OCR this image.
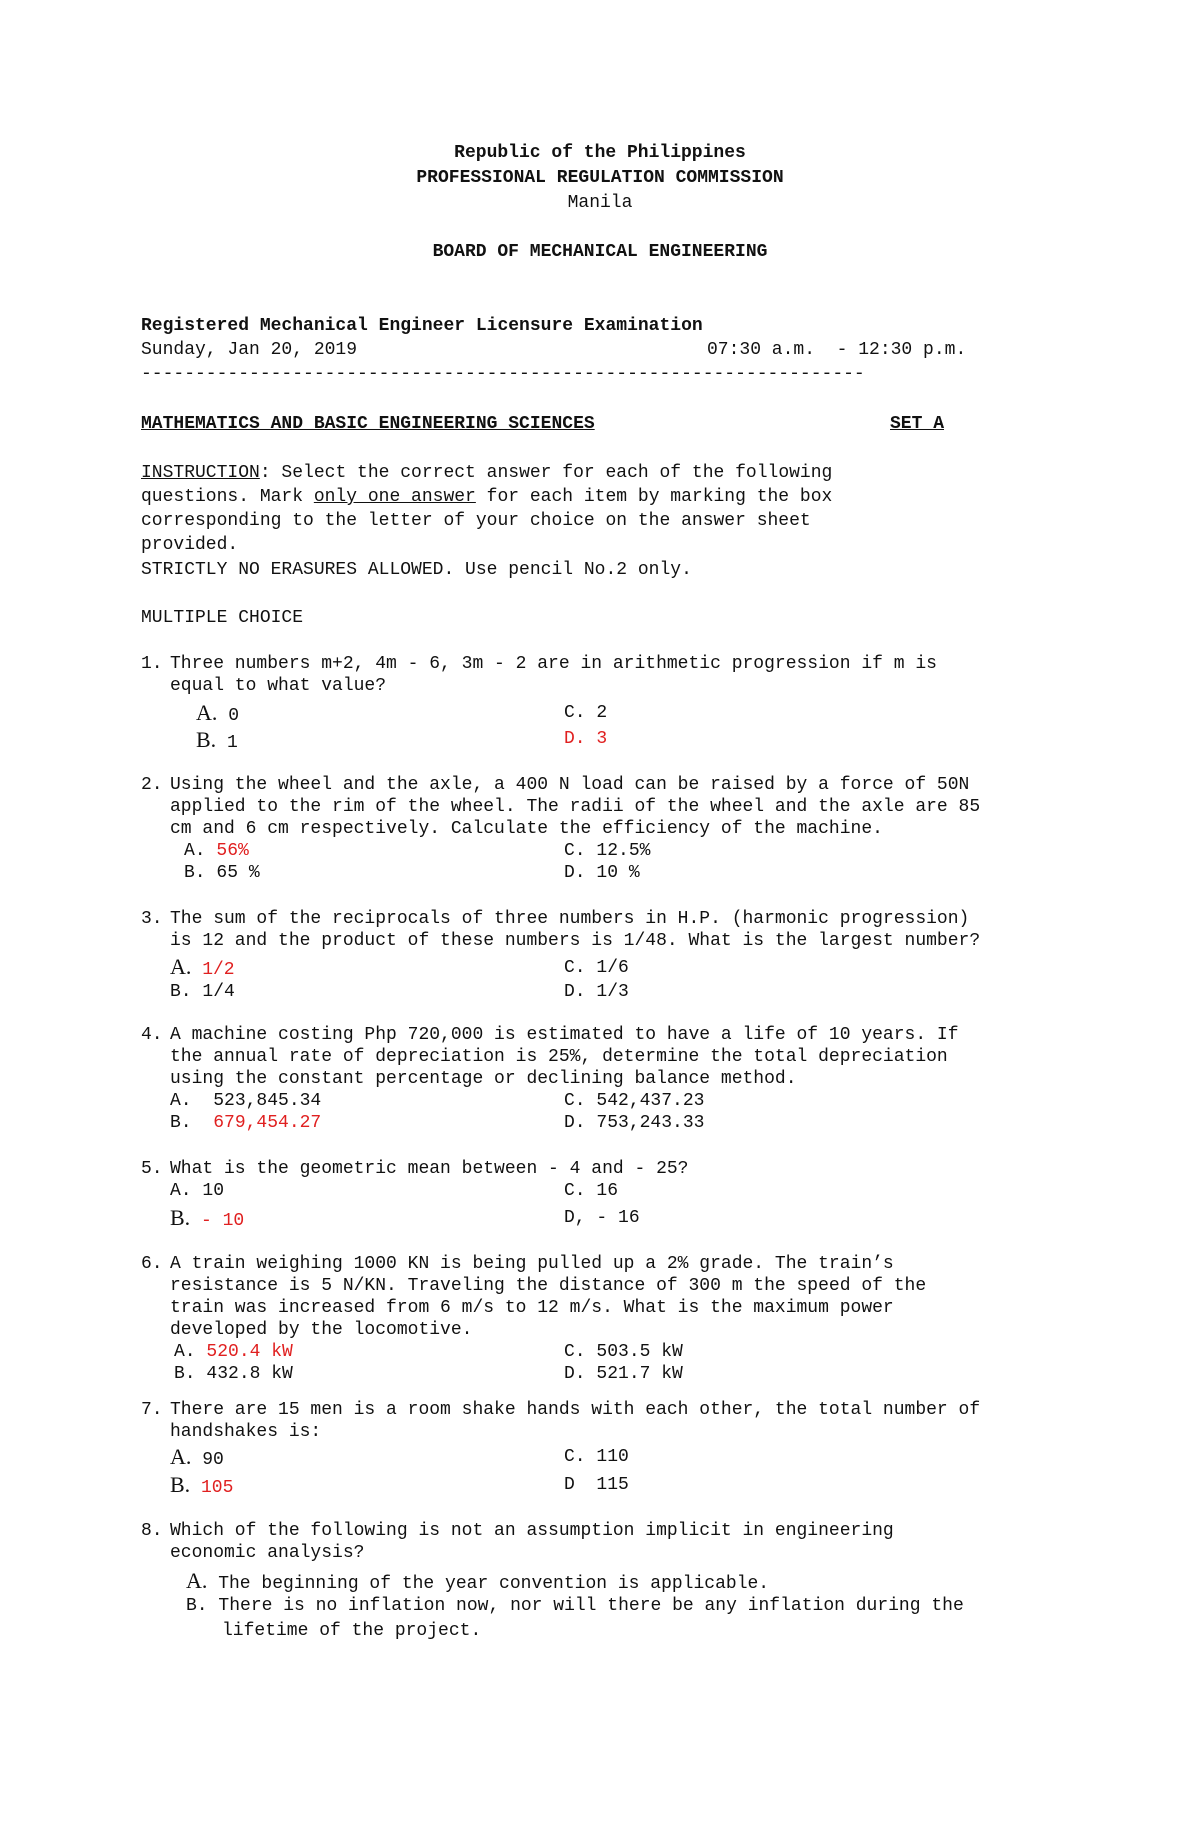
Republic of the Philippines
PROFESSIONAL REGULATION COMMISSION
Manila
BOARD OF MECHANICAL ENGINEERING
Registered Mechanical Engineer Licensure Examination
Sunday, Jan 20, 2019	07:30 a.m.  - 12:30 p.m.
-------------------------------------------------------------------
MATHEMATICS AND BASIC ENGINEERING SCIENCES	SET A
INSTRUCTION: Select the correct answer for each of the following
questions. Mark only one answer for each item by marking the box
corresponding to the letter of your choice on the answer sheet
provided.
STRICTLY NO ERASURES ALLOWED. Use pencil No.2 only.
MULTIPLE CHOICE
1. Three numbers m+2, 4m - 6, 3m - 2 are in arithmetic progression if m is
equal to what value?
A. 0
B. 1
C. 2
D. 3
2. Using the wheel and the axle, a 400 N load can be raised by a force of 50N
applied to the rim of the wheel. The radii of the wheel and the axle are 85
cm and 6 cm respectively. Calculate the efficiency of the machine.
A. 56%
B. 65 %
C. 12.5%
D. 10 %
3. The sum of the reciprocals of three numbers in H.P. (harmonic progression)
is 12 and the product of these numbers is 1/48. What is the largest number?
A. 1/2
B. 1/4
C. 1/6
D. 1/3
4. A machine costing Php 720,000 is estimated to have a life of 10 years. If
the annual rate of depreciation is 25%, determine the total depreciation
using the constant percentage or declining balance method.
A. 523,845.34
B. 679,454.27
C. 542,437.23
D. 753,243.33
5. What is the geometric mean between - 4 and - 25?
A. 10
B. - 10
C. 16
D, - 16
6. A train weighing 1000 KN is being pulled up a 2% grade. The train’s
resistance is 5 N/KN. Traveling the distance of 300 m the speed of the
train was increased from 6 m/s to 12 m/s. What is the maximum power
developed by the locomotive.
A. 520.4 kW
B. 432.8 kW
C. 503.5 kW
D. 521.7 kW
7. There are 15 men is a room shake hands with each other, the total number of
handshakes is:
A. 90
B. 105
C. 110
D 115
8. Which of the following is not an assumption implicit in engineering
economic analysis?
A. The beginning of the year convention is applicable.
B. There is no inflation now, nor will there be any inflation during the
lifetime of the project.
